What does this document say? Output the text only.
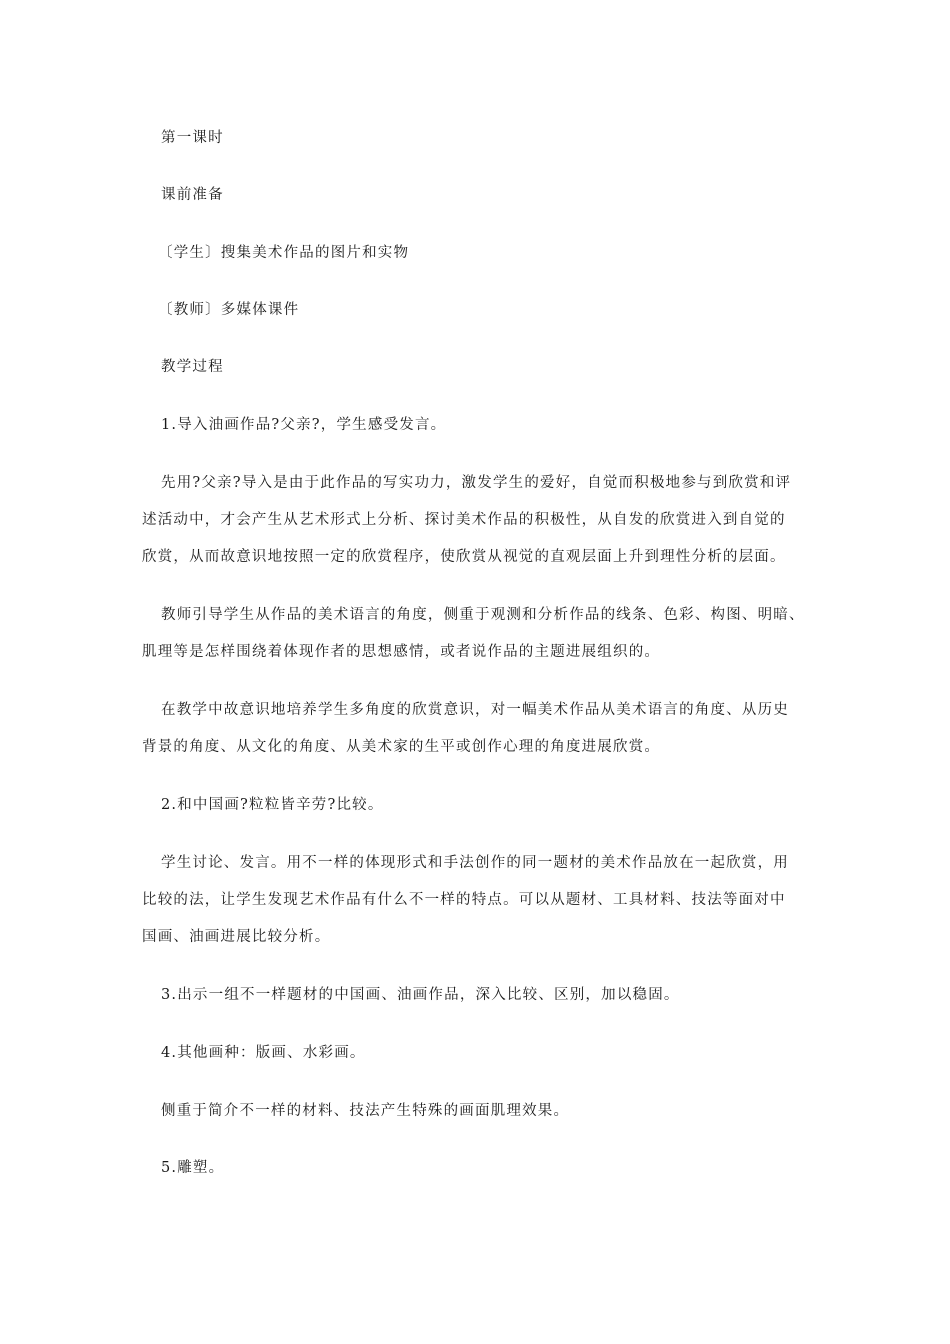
第一课时
课前准备
〔学生〕搜集美术作品的图片和实物
〔教师〕多媒体课件
教学过程
1.导入油画作品?父亲?，学生感受发言。
先用?父亲?导入是由于此作品的写实功力，激发学生的爱好，自觉而积极地参与到欣赏和评
述活动中，才会产生从艺术形式上分析、探讨美术作品的积极性，从自发的欣赏进入到自觉的
欣赏，从而故意识地按照一定的欣赏程序，使欣赏从视觉的直观层面上升到理性分析的层面。
教师引导学生从作品的美术语言的角度，侧重于观测和分析作品的线条、色彩、构图、明暗、
肌理等是怎样围绕着体现作者的思想感情，或者说作品的主题进展组织的。
在教学中故意识地培养学生多角度的欣赏意识，对一幅美术作品从美术语言的角度、从历史
背景的角度、从文化的角度、从美术家的生平或创作心理的角度进展欣赏。
2.和中国画?粒粒皆辛劳?比较。
学生讨论、发言。用不一样的体现形式和手法创作的同一题材的美术作品放在一起欣赏，用
比较的法，让学生发现艺术作品有什么不一样的特点。可以从题材、工具材料、技法等面对中
国画、油画进展比较分析。
3.出示一组不一样题材的中国画、油画作品，深入比较、区别，加以稳固。
4.其他画种：版画、水彩画。
侧重于简介不一样的材料、技法产生特殊的画面肌理效果。
5.雕塑。
